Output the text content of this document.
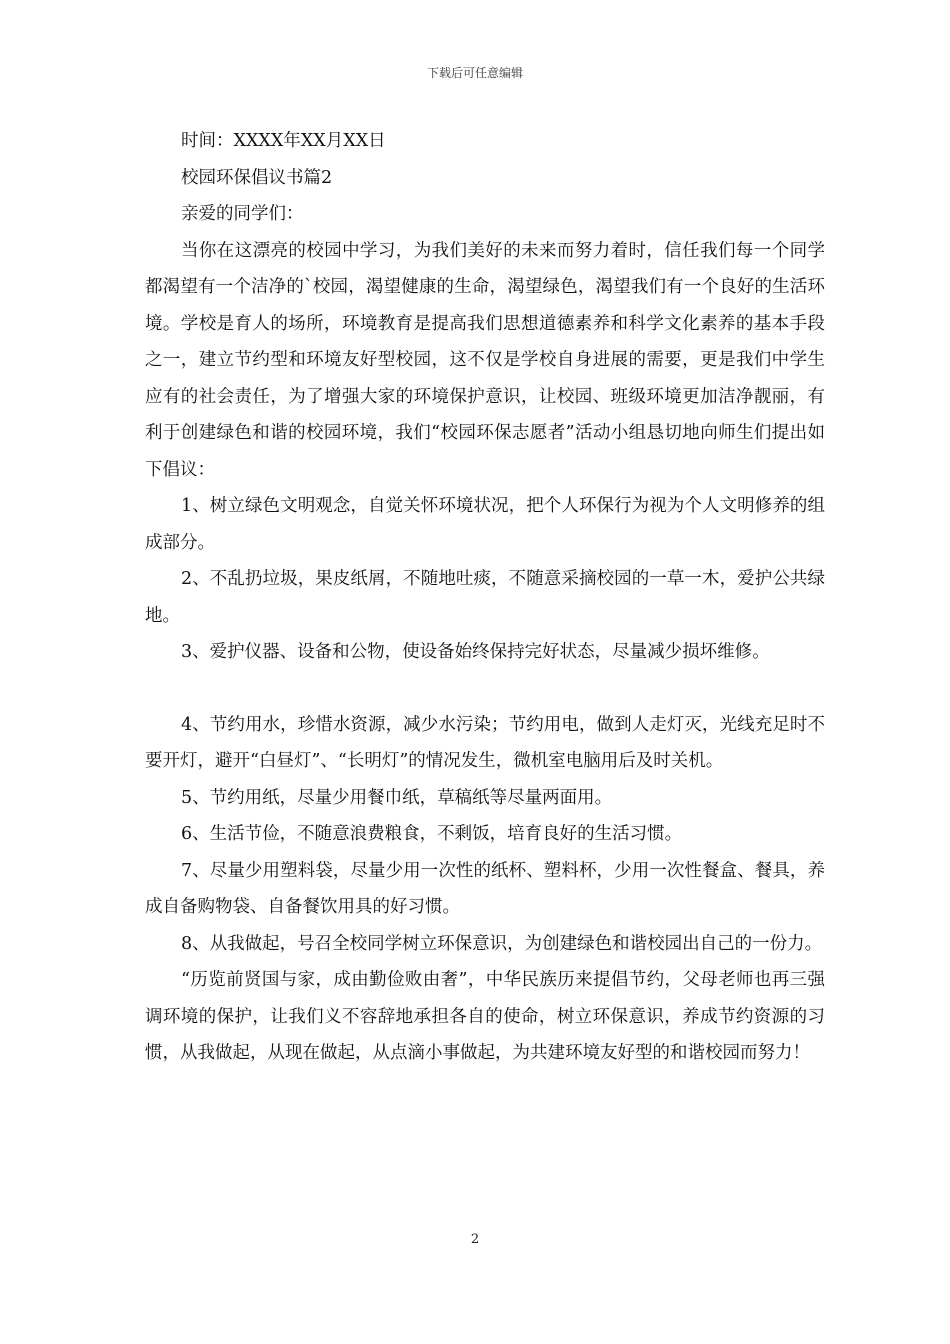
下载后可任意编辑

时间：XXXX年XX月XX日

校园环保倡议书篇2

亲爱的同学们：

当你在这漂亮的校园中学习，为我们美好的未来而努力着时，信任我们每一个同学都渴望有一个洁净的`校园，渴望健康的生命，渴望绿色，渴望我们有一个良好的生活环境。学校是育人的场所，环境教育是提高我们思想道德素养和科学文化素养的基本手段之一，建立节约型和环境友好型校园，这不仅是学校自身进展的需要，更是我们中学生应有的社会责任，为了增强大家的环境保护意识，让校园、班级环境更加洁净靓丽，有利于创建绿色和谐的校园环境，我们“校园环保志愿者”活动小组恳切地向师生们提出如下倡议：

1、树立绿色文明观念，自觉关怀环境状况，把个人环保行为视为个人文明修养的组成部分。

2、不乱扔垃圾，果皮纸屑，不随地吐痰，不随意采摘校园的一草一木，爱护公共绿地。

3、爱护仪器、设备和公物，使设备始终保持完好状态，尽量减少损坏维修。

4、节约用水，珍惜水资源，减少水污染；节约用电，做到人走灯灭，光线充足时不要开灯，避开“白昼灯”、“长明灯”的情况发生，微机室电脑用后及时关机。

5、节约用纸，尽量少用餐巾纸，草稿纸等尽量两面用。

6、生活节俭，不随意浪费粮食，不剩饭，培育良好的生活习惯。

7、尽量少用塑料袋，尽量少用一次性的纸杯、塑料杯，少用一次性餐盒、餐具，养成自备购物袋、自备餐饮用具的好习惯。

8、从我做起，号召全校同学树立环保意识，为创建绿色和谐校园出自己的一份力。

“历览前贤国与家，成由勤俭败由奢”，中华民族历来提倡节约，父母老师也再三强调环境的保护，让我们义不容辞地承担各自的使命，树立环保意识，养成节约资源的习惯，从我做起，从现在做起，从点滴小事做起，为共建环境友好型的和谐校园而努力！

2
